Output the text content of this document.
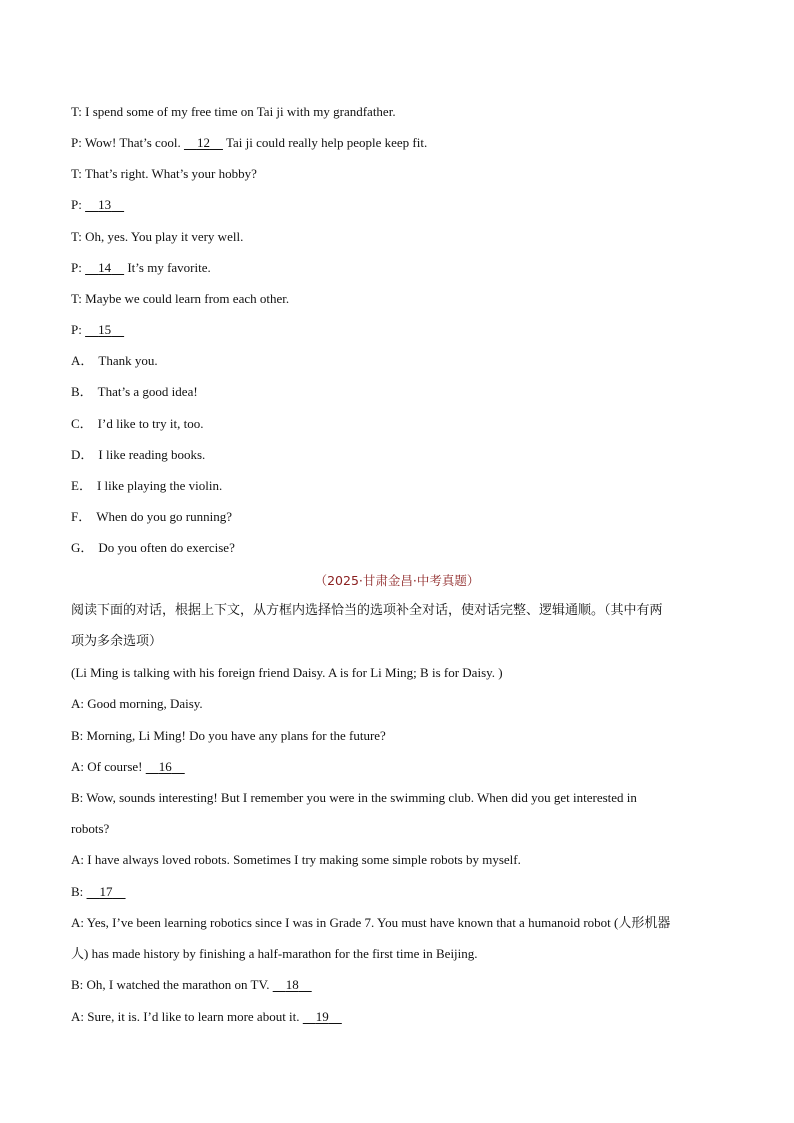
T: I spend some of my free time on Tai ji with my grandfather.
P: Wow! That’s cool.     12     Tai ji could really help people keep fit.
T: That’s right. What’s your hobby?
P:     13
T: Oh, yes. You play it very well.
P:     14     It’s my favorite.
T: Maybe we could learn from each other.
P:     15
A． Thank you.
B． That’s a good idea!
C． I’d like to try it, too.
D． I like reading books.
E． I like playing the violin.
F． When do you go running?
G． Do you often do exercise?
（2025·甘肃金昌·中考真题）
阅读下面的对话，根据上下文，从方框内选择恰当的选项补全对话，使对话完整、逻辑通顺。（其中有两
项为多余选项）
(Li Ming is talking with his foreign friend Daisy. A is for Li Ming; B is for Daisy. )
A: Good morning, Daisy.
B: Morning, Li Ming! Do you have any plans for the future?
A: Of course!     16
B: Wow, sounds interesting! But I remember you were in the swimming club. When did you get interested in
robots?
A: I have always loved robots. Sometimes I try making some simple robots by myself.
B:     17
A: Yes, I’ve been learning robotics since I was in Grade 7. You must have known that a humanoid robot (人形机器
人) has made history by finishing a half-marathon for the first time in Beijing.
B: Oh, I watched the marathon on TV.     18
A: Sure, it is. I’d like to learn more about it.     19
